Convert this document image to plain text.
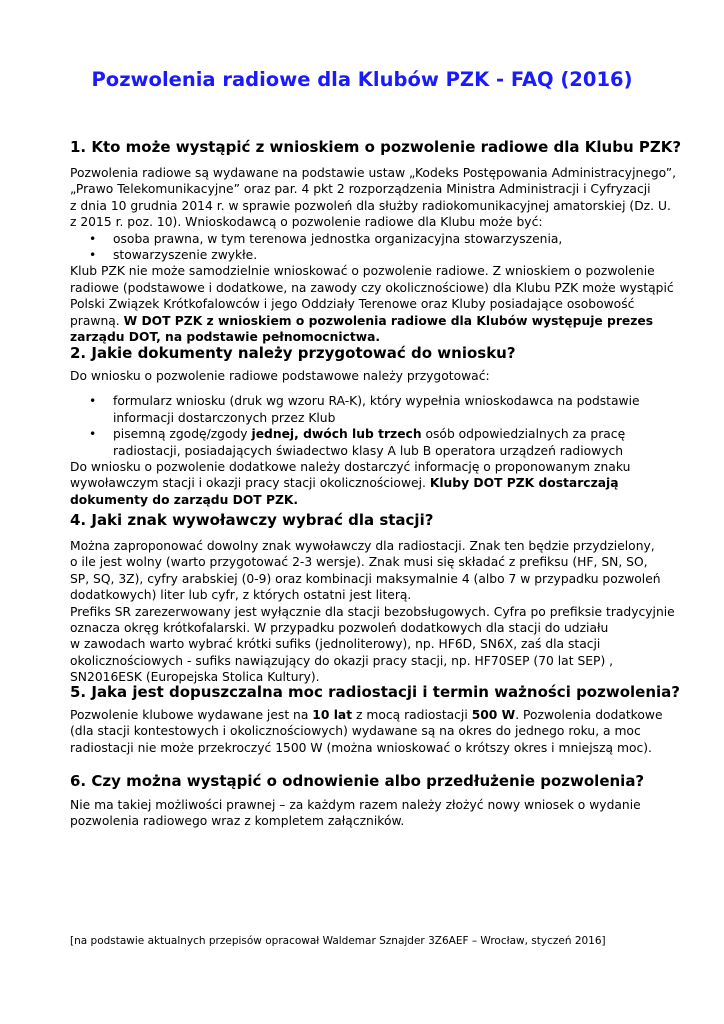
Pozwolenia radiowe dla Klubów PZK - FAQ (2016)
1. Kto może wystąpić z wnioskiem o pozwolenie radiowe dla Klubu PZK?
Pozwolenia radiowe są wydawane na podstawie ustaw „Kodeks Postępowania Administracyjnego”,
„Prawo Telekomunikacyjne” oraz par. 4 pkt 2 rozporządzenia Ministra Administracji i Cyfryzacji
z dnia 10 grudnia 2014 r. w sprawie pozwoleń dla służby radiokomunikacyjnej amatorskiej (Dz. U.
z 2015 r. poz. 10). Wnioskodawcą o pozwolenie radiowe dla Klubu może być:
• osoba prawna, w tym terenowa jednostka organizacyjna stowarzyszenia,
• stowarzyszenie zwykłe.
Klub PZK nie może samodzielnie wnioskować o pozwolenie radiowe. Z wnioskiem o pozwolenie
radiowe (podstawowe i dodatkowe, na zawody czy okolicznościowe) dla Klubu PZK może wystąpić
Polski Związek Krótkofalowców i jego Oddziały Terenowe oraz Kluby posiadające osobowość
prawną. W DOT PZK z wnioskiem o pozwolenia radiowe dla Klubów występuje prezes
zarządu DOT, na podstawie pełnomocnictwa.
2. Jakie dokumenty należy przygotować do wniosku?
Do wniosku o pozwolenie radiowe podstawowe należy przygotować:
• formularz wniosku (druk wg wzoru RA-K), który wypełnia wnioskodawca na podstawie
informacji dostarczonych przez Klub
• pisemną zgodę/zgody jednej, dwóch lub trzech osób odpowiedzialnych za pracę
radiostacji, posiadających świadectwo klasy A lub B operatora urządzeń radiowych
Do wniosku o pozwolenie dodatkowe należy dostarczyć informację o proponowanym znaku
wywoławczym stacji i okazji pracy stacji okolicznościowej. Kluby DOT PZK dostarczają
dokumenty do zarządu DOT PZK.
4. Jaki znak wywoławczy wybrać dla stacji?
Można zaproponować dowolny znak wywoławczy dla radiostacji. Znak ten będzie przydzielony,
o ile jest wolny (warto przygotować 2-3 wersje). Znak musi się składać z prefiksu (HF, SN, SO,
SP, SQ, 3Z), cyfry arabskiej (0-9) oraz kombinacji maksymalnie 4 (albo 7 w przypadku pozwoleń
dodatkowych) liter lub cyfr, z których ostatni jest literą.
Prefiks SR zarezerwowany jest wyłącznie dla stacji bezobsługowych. Cyfra po prefiksie tradycyjnie
oznacza okręg krótkofalarski. W przypadku pozwoleń dodatkowych dla stacji do udziału
w zawodach warto wybrać krótki sufiks (jednoliterowy), np. HF6D, SN6X, zaś dla stacji
okolicznościowych - sufiks nawiązujący do okazji pracy stacji, np. HF70SEP (70 lat SEP) ,
SN2016ESK (Europejska Stolica Kultury).
5. Jaka jest dopuszczalna moc radiostacji i termin ważności pozwolenia?
Pozwolenie klubowe wydawane jest na 10 lat z mocą radiostacji 500 W. Pozwolenia dodatkowe
(dla stacji kontestowych i okolicznościowych) wydawane są na okres do jednego roku, a moc
radiostacji nie może przekroczyć 1500 W (można wnioskować o krótszy okres i mniejszą moc).
6. Czy można wystąpić o odnowienie albo przedłużenie pozwolenia?
Nie ma takiej możliwości prawnej – za każdym razem należy złożyć nowy wniosek o wydanie
pozwolenia radiowego wraz z kompletem załączników.

[na podstawie aktualnych przepisów opracował Waldemar Sznajder 3Z6AEF – Wrocław, styczeń 2016]
